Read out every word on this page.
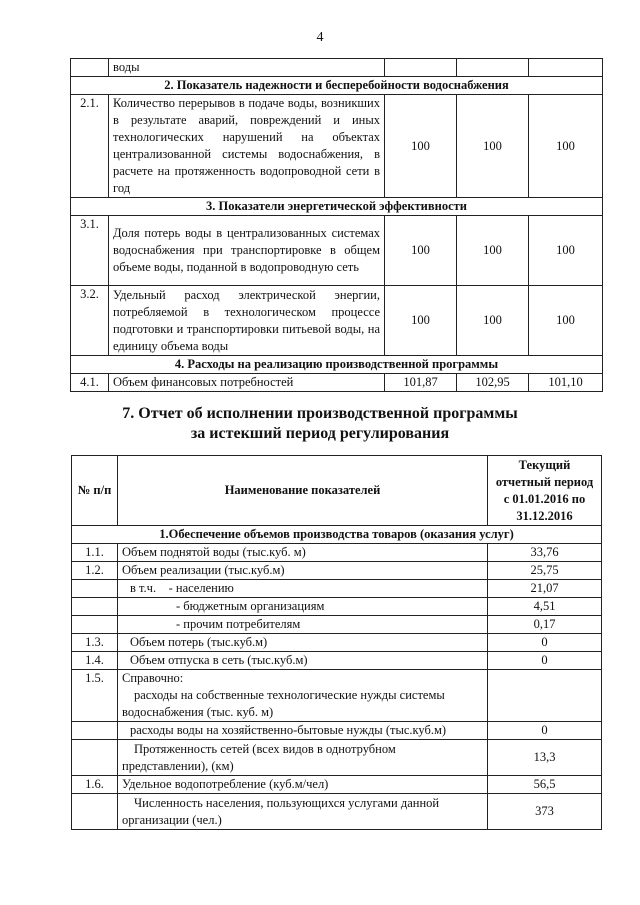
4
	воды			
2. Показатель надежности и бесперебойности водоснабжения				
2.1.	Количество перерывов в подаче воды, возникших в результате аварий, повреждений и иных технологических нарушений на объектах централизованной системы водоснабжения, в расчете на протяженность водопроводной сети в год	100	100	100
3. Показатели энергетической эффективности				
3.1.	Доля потерь воды в централизованных системах водоснабжения при транспортировке в общем объеме воды, поданной в водопроводную сеть	100	100	100
3.2.	Удельный расход электрической энергии, потребляемой в технологическом процессе подготовки и транспортировки питьевой воды, на единицу объема воды	100	100	100
4. Расходы на реализацию производственной программы				
4.1.	Объем финансовых потребностей	101,87	102,95	101,10
7. Отчет об исполнении производственной программы
за истекший период регулирования
№ п/п	Наименование показателей	Текущий
отчетный период
с 01.01.2016 по
31.12.2016

1.Обеспечение объемов производства товаров (оказания услуг)		
1.1.	Объем поднятой воды (тыс.куб. м)	33,76
1.2.	Объем реализации (тыс.куб.м)	25,75
	в т.ч.    - населению	21,07
	- бюджетным организациям	4,51
	- прочим потребителям	0,17
1.3.	Объем потерь (тыс.куб.м)	0
1.4.	Объем отпуска в сеть (тыс.куб.м)	0
1.5.	Справочно:
расходы на собственные технологические нужды системы
водоснабжения (тыс. куб. м)	

	расходы воды на хозяйственно-бытовые нужды (тыс.куб.м)	0

	Протяженность сетей (всех видов в однотрубном
представлении), (км)	13,3
1.6.	Удельное водопотребление (куб.м/чел)	56,5

	Численность населения, пользующихся услугами данной
организации (чел.)	373
